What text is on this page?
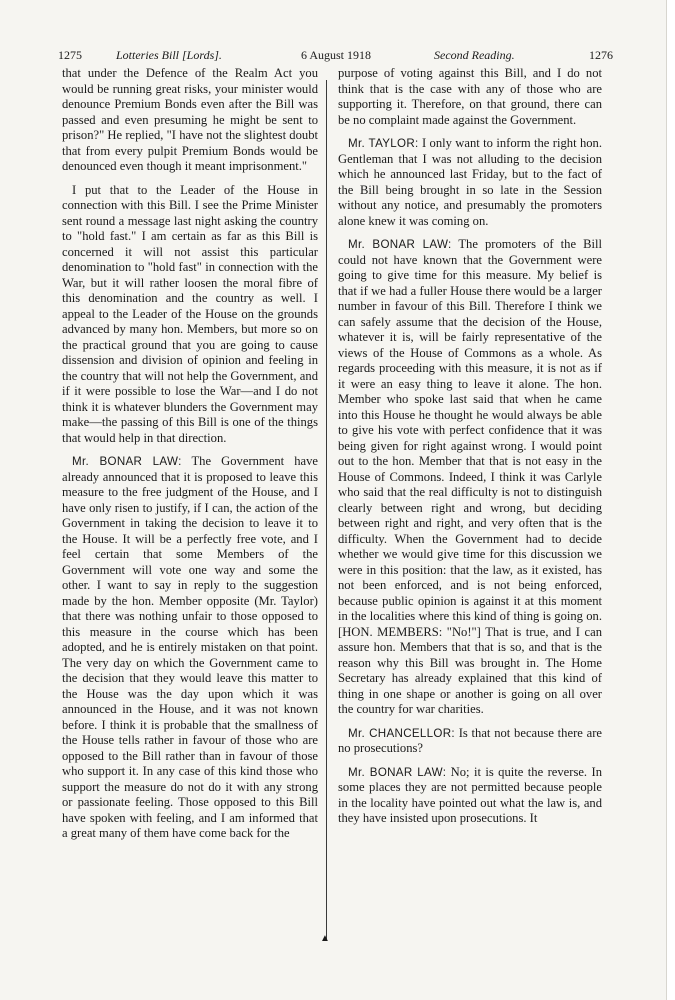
1275	Lotteries Bill [Lords].	6 August 1918	Second Reading.	1276

that under the Defence of the Realm Act you would be running great risks, your minister would denounce Premium Bonds even after the Bill was passed and even presuming he might be sent to prison?" He replied, "I have not the slightest doubt that from every pulpit Premium Bonds would be denounced even though it meant imprisonment."

I put that to the Leader of the House in connection with this Bill. I see the Prime Minister sent round a message last night asking the country to "hold fast." I am certain as far as this Bill is concerned it will not assist this particular denomination to "hold fast" in connection with the War, but it will rather loosen the moral fibre of this denomination and the country as well. I appeal to the Leader of the House on the grounds advanced by many hon. Members, but more so on the practical ground that you are going to cause dissension and division of opinion and feeling in the country that will not help the Government, and if it were possible to lose the War—and I do not think it is whatever blunders the Government may make—the passing of this Bill is one of the things that would help in that direction.

Mr. BONAR LAW: The Government have already announced that it is proposed to leave this measure to the free judgment of the House, and I have only risen to justify, if I can, the action of the Government in taking the decision to leave it to the House. It will be a perfectly free vote, and I feel certain that some Members of the Government will vote one way and some the other. I want to say in reply to the suggestion made by the hon. Member opposite (Mr. Taylor) that there was nothing unfair to those opposed to this measure in the course which has been adopted, and he is entirely mistaken on that point. The very day on which the Government came to the decision that they would leave this matter to the House was the day upon which it was announced in the House, and it was not known before. I think it is probable that the smallness of the House tells rather in favour of those who are opposed to the Bill rather than in favour of those who support it. In any case of this kind those who support the measure do not do it with any strong or passionate feeling. Those opposed to this Bill have spoken with feeling, and I am informed that a great many of them have come back for the

▲

purpose of voting against this Bill, and I do not think that is the case with any of those who are supporting it. Therefore, on that ground, there can be no complaint made against the Government.

Mr. TAYLOR: I only want to inform the right hon. Gentleman that I was not alluding to the decision which he announced last Friday, but to the fact of the Bill being brought in so late in the Session without any notice, and presumably the promoters alone knew it was coming on.

Mr. BONAR LAW: The promoters of the Bill could not have known that the Government were going to give time for this measure. My belief is that if we had a fuller House there would be a larger number in favour of this Bill. Therefore I think we can safely assume that the decision of the House, whatever it is, will be fairly representative of the views of the House of Commons as a whole. As regards proceeding with this measure, it is not as if it were an easy thing to leave it alone. The hon. Member who spoke last said that when he came into this House he thought he would always be able to give his vote with perfect confidence that it was being given for right against wrong. I would point out to the hon. Member that that is not easy in the House of Commons. Indeed, I think it was Carlyle who said that the real difficulty is not to distinguish clearly between right and wrong, but deciding between right and right, and very often that is the difficulty. When the Government had to decide whether we would give time for this discussion we were in this position: that the law, as it existed, has not been enforced, and is not being enforced, because public opinion is against it at this moment in the localities where this kind of thing is going on. [HON. MEMBERS: "No!"] That is true, and I can assure hon. Members that that is so, and that is the reason why this Bill was brought in. The Home Secretary has already explained that this kind of thing in one shape or another is going on all over the country for war charities.

Mr. CHANCELLOR: Is that not because there are no prosecutions?

Mr. BONAR LAW: No; it is quite the reverse. In some places they are not permitted because people in the locality have pointed out what the law is, and they have insisted upon prosecutions. It
